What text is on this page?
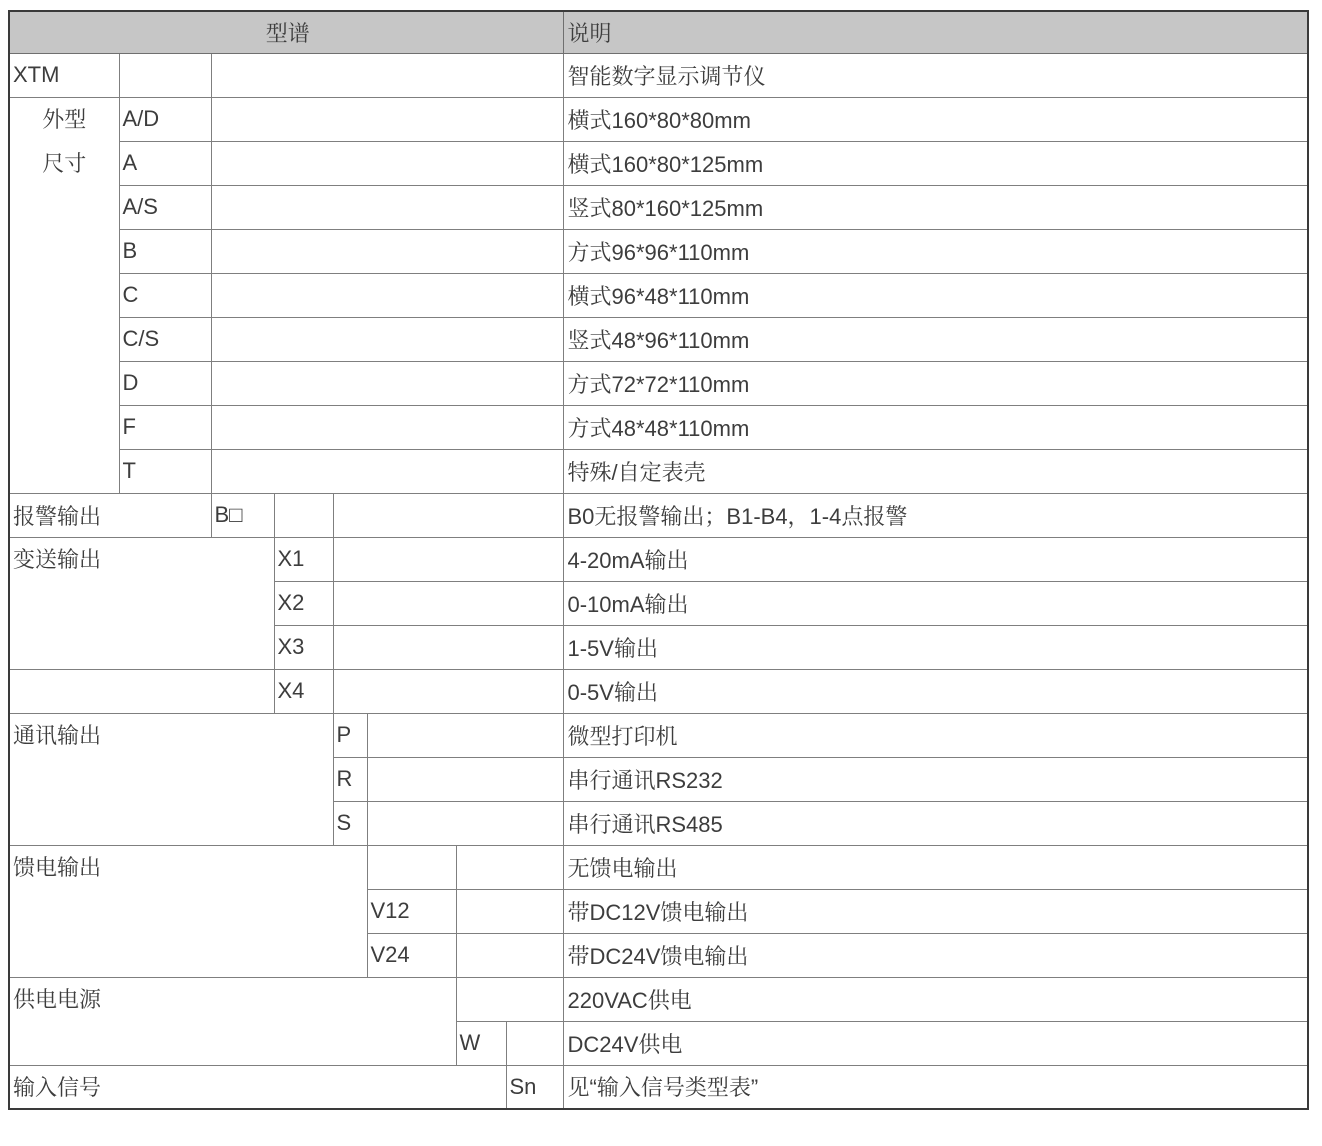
型谱								说明
XTM								智能数字显示调节仪

外型
尺寸	A/D							横式160*80*80mm
	A							横式160*80*125mm
	A/S							竖式80*160*125mm
	B							方式96*96*110mm
	C							横式96*48*110mm
	C/S							竖式48*96*110mm
	D							方式72*72*110mm
	F							方式48*48*110mm
	T							特殊/自定表壳
报警输出		B□						B0无报警输出；B1-B4，1-4点报警
变送输出			X1					4-20mA输出
			X2					0-10mA输出
			X3					1-5V输出
			X4					0-5V输出
通讯输出				P				微型打印机
				R				串行通讯RS232
				S				串行通讯RS485
馈电输出								无馈电输出
					V12			带DC12V馈电输出
					V24			带DC24V馈电输出
供电电源								220VAC供电
						W		DC24V供电
输入信号							Sn	见“输入信号类型表”
